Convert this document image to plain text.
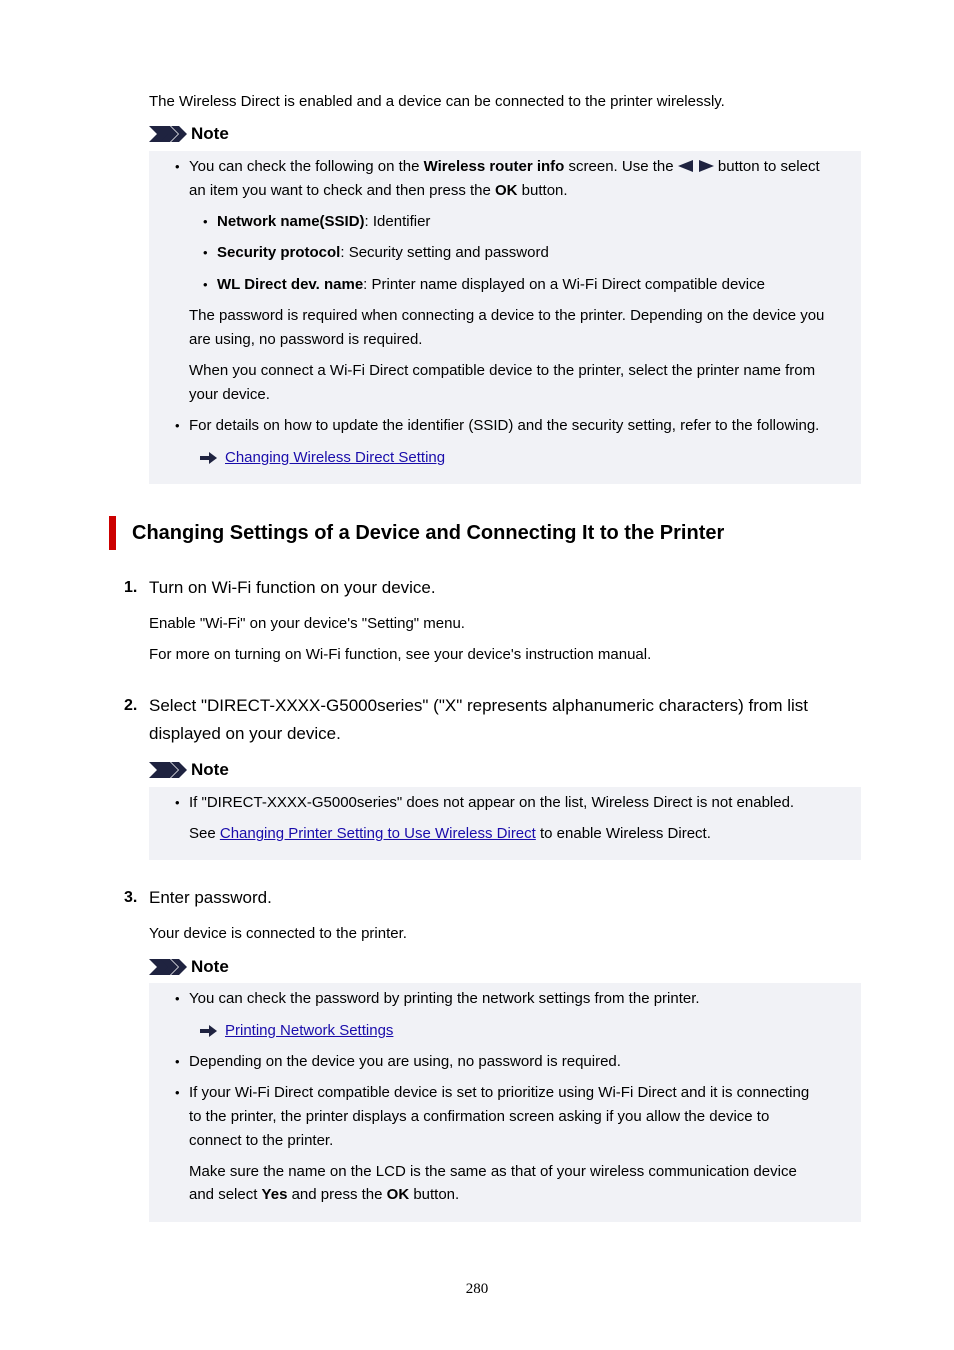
The Wireless Direct is enabled and a device can be connected to the printer wirelessly.
Note
• You can check the following on the Wireless router info screen. Use the  button to select
an item you want to check and then press the OK button.
• Network name(SSID): Identifier
• Security protocol: Security setting and password
• WL Direct dev. name: Printer name displayed on a Wi-Fi Direct compatible device
The password is required when connecting a device to the printer. Depending on the device you
are using, no password is required.
When you connect a Wi-Fi Direct compatible device to the printer, select the printer name from
your device.
• For details on how to update the identifier (SSID) and the security setting, refer to the following.
Changing Wireless Direct Setting
Changing Settings of a Device and Connecting It to the Printer
1. Turn on Wi-Fi function on your device.
Enable "Wi-Fi" on your device's "Setting" menu.
For more on turning on Wi-Fi function, see your device's instruction manual.
2. Select "DIRECT-XXXX-G5000series" ("X" represents alphanumeric characters) from list
displayed on your device.
Note
• If "DIRECT-XXXX-G5000series" does not appear on the list, Wireless Direct is not enabled.
See Changing Printer Setting to Use Wireless Direct to enable Wireless Direct.
3. Enter password.
Your device is connected to the printer.
Note
• You can check the password by printing the network settings from the printer.
Printing Network Settings
• Depending on the device you are using, no password is required.
• If your Wi-Fi Direct compatible device is set to prioritize using Wi-Fi Direct and it is connecting
to the printer, the printer displays a confirmation screen asking if you allow the device to
connect to the printer.
Make sure the name on the LCD is the same as that of your wireless communication device
and select Yes and press the OK button.
280
